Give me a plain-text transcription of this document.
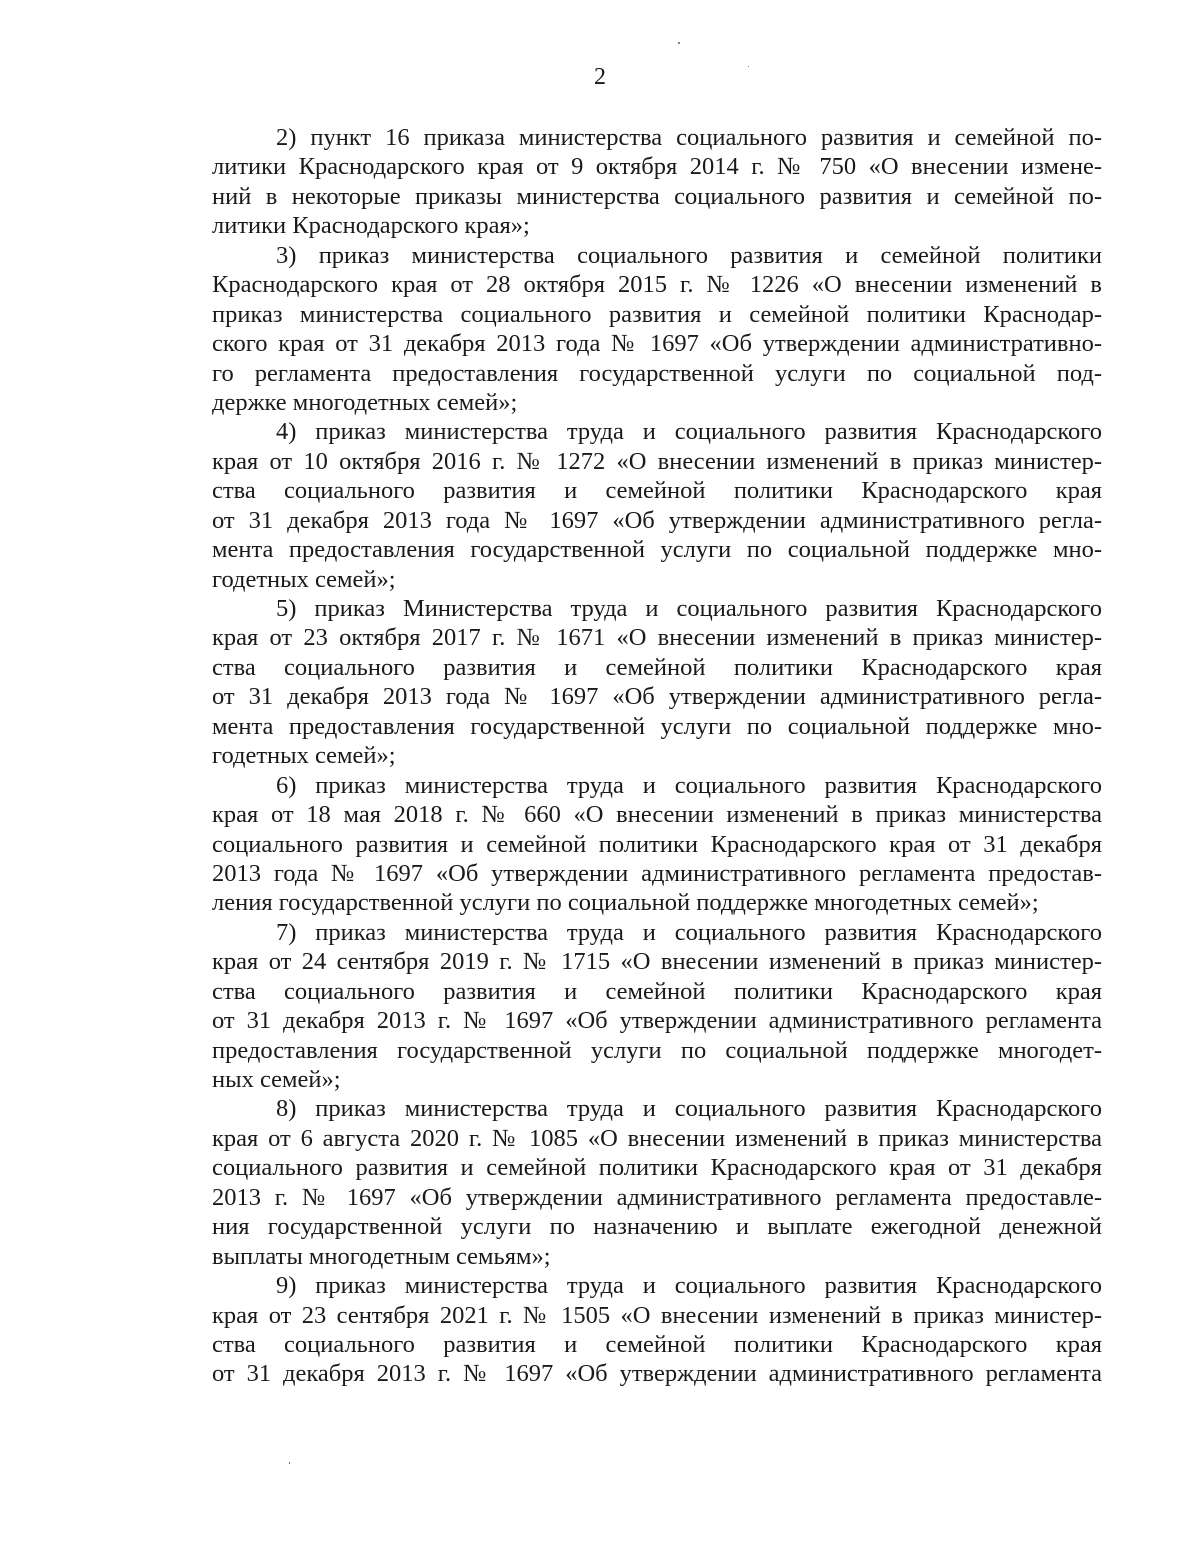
2
2) пункт 16 приказа министерства социального развития и семейной по-
литики Краснодарского края от 9 октября 2014 г. № 750 «О внесении измене-
ний в некоторые приказы министерства социального развития и семейной по-
литики Краснодарского края»;
3) приказ министерства социального развития и семейной политики
Краснодарского края от 28 октября 2015 г. № 1226 «О внесении изменений в
приказ министерства социального развития и семейной политики Краснодар-
ского края от 31 декабря 2013 года № 1697 «Об утверждении административно-
го регламента предоставления государственной услуги по социальной под-
держке многодетных семей»;
4) приказ министерства труда и социального развития Краснодарского
края от 10 октября 2016 г. № 1272 «О внесении изменений в приказ министер-
ства социального развития и семейной политики Краснодарского края
от 31 декабря 2013 года № 1697 «Об утверждении административного регла-
мента предоставления государственной услуги по социальной поддержке мно-
годетных семей»;
5) приказ Министерства труда и социального развития Краснодарского
края от 23 октября 2017 г. № 1671 «О внесении изменений в приказ министер-
ства социального развития и семейной политики Краснодарского края
от 31 декабря 2013 года № 1697 «Об утверждении административного регла-
мента предоставления государственной услуги по социальной поддержке мно-
годетных семей»;
6) приказ министерства труда и социального развития Краснодарского
края от 18 мая 2018 г. № 660 «О внесении изменений в приказ министерства
социального развития и семейной политики Краснодарского края от 31 декабря
2013 года № 1697 «Об утверждении административного регламента предостав-
ления государственной услуги по социальной поддержке многодетных семей»;
7) приказ министерства труда и социального развития Краснодарского
края от 24 сентября 2019 г. № 1715 «О внесении изменений в приказ министер-
ства социального развития и семейной политики Краснодарского края
от 31 декабря 2013 г. № 1697 «Об утверждении административного регламента
предоставления государственной услуги по социальной поддержке многодет-
ных семей»;
8) приказ министерства труда и социального развития Краснодарского
края от 6 августа 2020 г. № 1085 «О внесении изменений в приказ министерства
социального развития и семейной политики Краснодарского края от 31 декабря
2013 г. № 1697 «Об утверждении административного регламента предоставле-
ния государственной услуги по назначению и выплате ежегодной денежной
выплаты многодетным семьям»;
9) приказ министерства труда и социального развития Краснодарского
края от 23 сентября 2021 г. № 1505 «О внесении изменений в приказ министер-
ства социального развития и семейной политики Краснодарского края
от 31 декабря 2013 г. № 1697 «Об утверждении административного регламента
